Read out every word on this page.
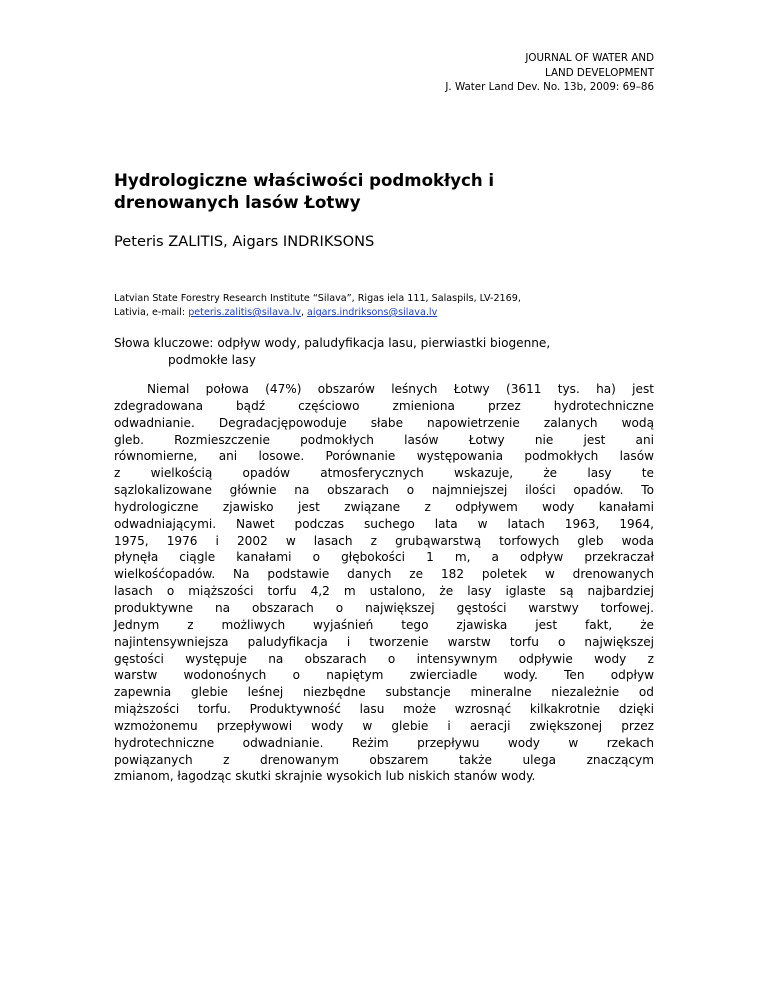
JOURNAL OF WATER AND
LAND DEVELOPMENT
J. Water Land Dev. No. 13b, 2009: 69–86
Hydrologiczne właściwości podmokłych i
drenowanych lasów Łotwy
Peteris ZALITIS, Aigars INDRIKSONS
Latvian State Forestry Research Institute “Silava”, Rigas iela 111, Salaspils, LV-2169,
Lativia, e-mail: peteris.zalitis@silava.lv, aigars.indriksons@silava.lv
Słowa kluczowe: odpływ wody, paludyfikacja lasu, pierwiastki biogenne,
podmokłe lasy

Niemal połowa (47%) obszarów leśnych Łotwy (3611 tys. ha) jest
zdegradowana bądź częściowo zmieniona przez hydrotechniczne
odwadnianie. Degradacjępowoduje słabe napowietrzenie zalanych wodą
gleb. Rozmieszczenie podmokłych lasów Łotwy nie jest ani
równomierne, ani losowe. Porównanie występowania podmokłych lasów
z wielkością opadów atmosferycznych wskazuje, że lasy te
sązlokalizowane głównie na obszarach o najmniejszej ilości opadów. To
hydrologiczne zjawisko jest związane z odpływem wody kanałami
odwadniającymi. Nawet podczas suchego lata w latach 1963, 1964,
1975, 1976 i 2002 w lasach z grubąwarstwą torfowych gleb woda
płynęła ciągle kanałami o głębokości 1 m, a odpływ przekraczał
wielkośćopadów. Na podstawie danych ze 182 poletek w drenowanych
lasach o miąższości torfu 4,2 m ustalono, że lasy iglaste są najbardziej
produktywne na obszarach o największej gęstości warstwy torfowej.
Jednym z możliwych wyjaśnień tego zjawiska jest fakt, że
najintensywniejsza paludyfikacja i tworzenie warstw torfu o największej
gęstości występuje na obszarach o intensywnym odpływie wody z
warstw wodonośnych o napiętym zwierciadle wody. Ten odpływ
zapewnia glebie leśnej niezbędne substancje mineralne niezależnie od
miąższości torfu. Produktywność lasu może wzrosnąć kilkakrotnie dzięki
wzmożonemu przepływowi wody w glebie i aeracji zwiększonej przez
hydrotechniczne odwadnianie. Reżim przepływu wody w rzekach
powiązanych z drenowanym obszarem także ulega znaczącym
zmianom, łagodząc skutki skrajnie wysokich lub niskich stanów wody.
